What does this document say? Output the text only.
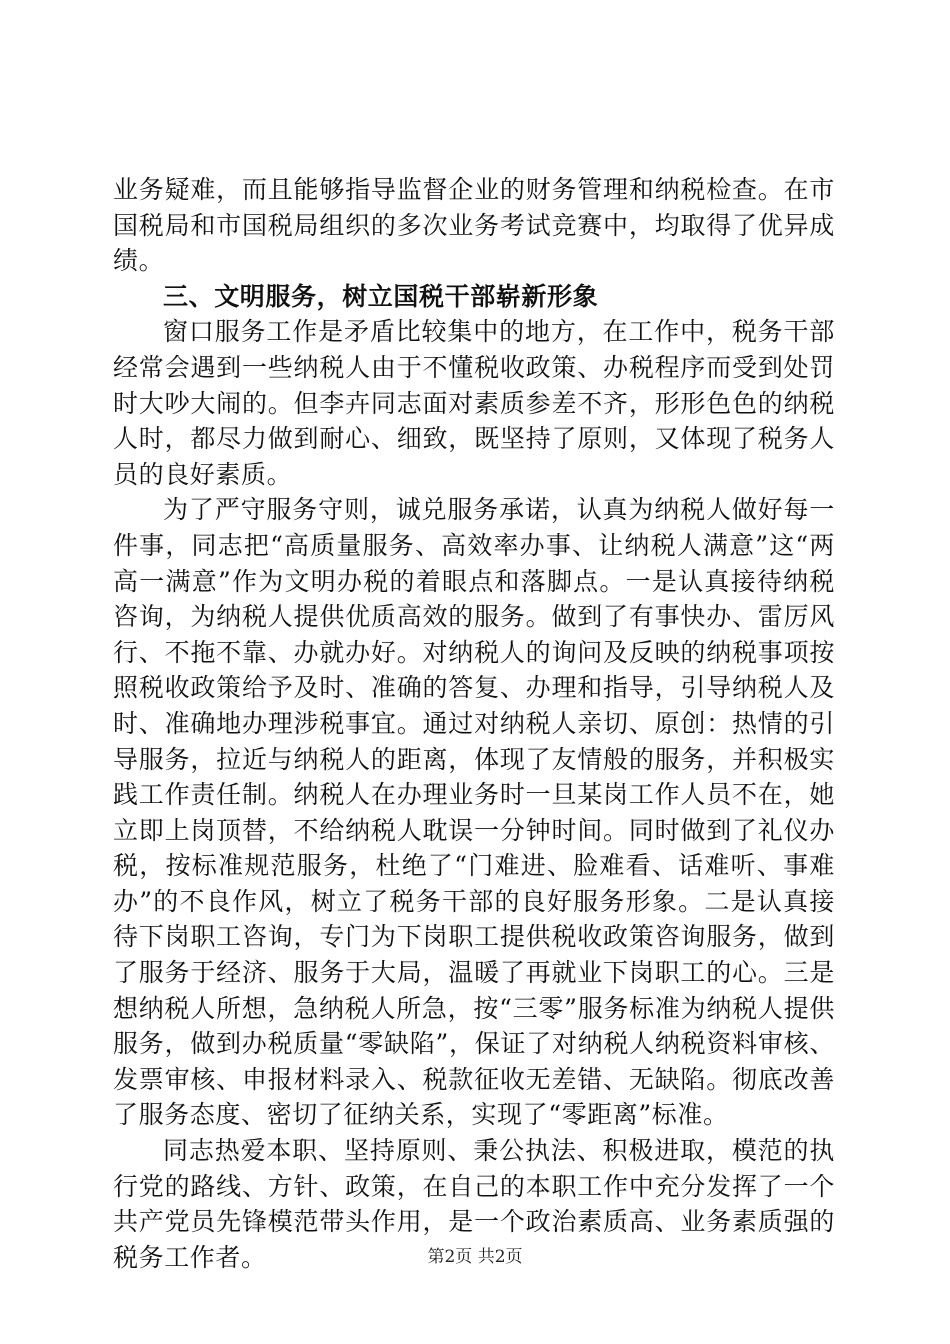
业务疑难，而且能够指导监督企业的财务管理和纳税检查。在市国税局和市国税局组织的多次业务考试竞赛中，均取得了优异成绩。

三、文明服务，树立国税干部崭新形象

窗口服务工作是矛盾比较集中的地方，在工作中，税务干部经常会遇到一些纳税人由于不懂税收政策、办税程序而受到处罚时大吵大闹的。但李卉同志面对素质参差不齐，形形色色的纳税人时，都尽力做到耐心、细致，既坚持了原则，又体现了税务人员的良好素质。

为了严守服务守则，诚兑服务承诺，认真为纳税人做好每一件事，同志把“高质量服务、高效率办事、让纳税人满意”这“两高一满意”作为文明办税的着眼点和落脚点。一是认真接待纳税咨询，为纳税人提供优质高效的服务。做到了有事快办、雷厉风行、不拖不靠、办就办好。对纳税人的询问及反映的纳税事项按照税收政策给予及时、准确的答复、办理和指导，引导纳税人及时、准确地办理涉税事宜。通过对纳税人亲切、原创：热情的引导服务，拉近与纳税人的距离，体现了友情般的服务，并积极实践工作责任制。纳税人在办理业务时一旦某岗工作人员不在，她立即上岗顶替，不给纳税人耽误一分钟时间。同时做到了礼仪办税，按标准规范服务，杜绝了“门难进、脸难看、话难听、事难办”的不良作风，树立了税务干部的良好服务形象。二是认真接待下岗职工咨询，专门为下岗职工提供税收政策咨询服务，做到了服务于经济、服务于大局，温暖了再就业下岗职工的心。三是想纳税人所想，急纳税人所急，按“三零”服务标准为纳税人提供服务，做到办税质量“零缺陷”，保证了对纳税人纳税资料审核、发票审核、申报材料录入、税款征收无差错、无缺陷。彻底改善了服务态度、密切了征纳关系，实现了“零距离”标准。

同志热爱本职、坚持原则、秉公执法、积极进取，模范的执行党的路线、方针、政策，在自己的本职工作中充分发挥了一个共产党员先锋模范带头作用，是一个政治素质高、业务素质强的税务工作者。	第2页 共2页
